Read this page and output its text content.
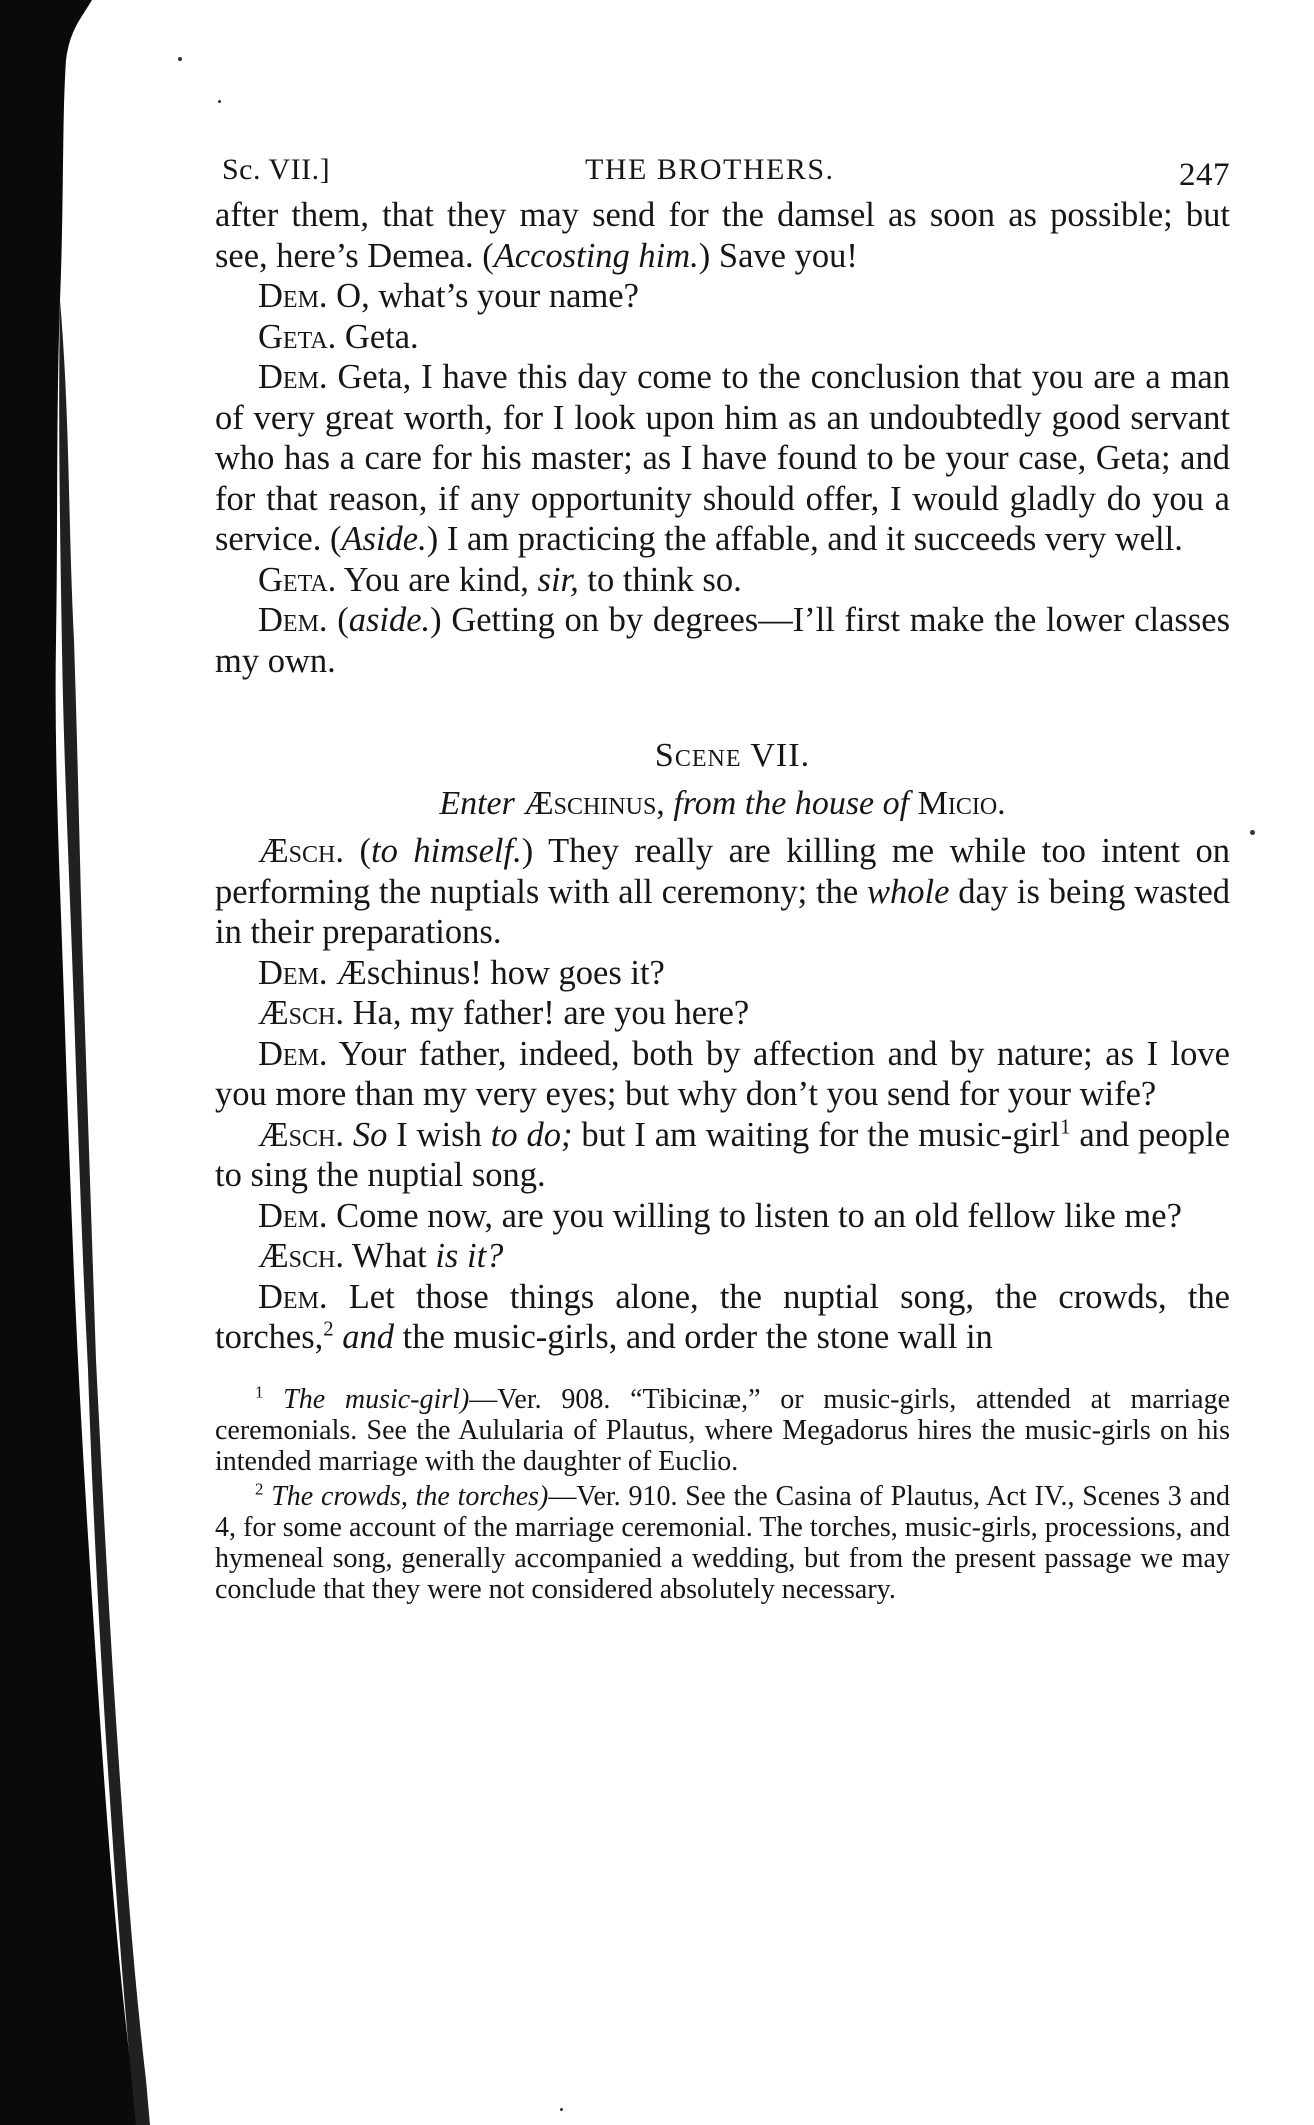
Sc. VII.]	THE BROTHERS.	247

after them, that they may send for the damsel as soon as possible; but see, here’s Demea. (Accosting him.) Save you!

Dem. O, what’s your name?

Geta. Geta.

Dem. Geta, I have this day come to the conclusion that you are a man of very great worth, for I look upon him as an undoubtedly good servant who has a care for his master; as I have found to be your case, Geta; and for that reason, if any opportunity should offer, I would gladly do you a service. (Aside.) I am practicing the affable, and it succeeds very well.

Geta. You are kind, sir, to think so.

Dem. (aside.) Getting on by degrees—I’ll first make the lower classes my own.

Scene VII.
Enter Æschinus, from the house of Micio.

Æsch. (to himself.) They really are killing me while too intent on performing the nuptials with all ceremony; the whole day is being wasted in their preparations.

Dem. Æschinus! how goes it?

Æsch. Ha, my father! are you here?

Dem. Your father, indeed, both by affection and by nature; as I love you more than my very eyes; but why don’t you send for your wife?

Æsch. So I wish to do; but I am waiting for the music-girl$^1$ and people to sing the nuptial song.

Dem. Come now, are you willing to listen to an old fellow like me?

Æsch. What is it?

Dem. Let those things alone, the nuptial song, the crowds, the torches,$^2$ and the music-girls, and order the stone wall in

$^1$ The music-girl)—Ver. 908. “Tibicinæ,” or music-girls, attended at marriage ceremonials. See the Aulularia of Plautus, where Megadorus hires the music-girls on his intended marriage with the daughter of Euclio.

$^2$ The crowds, the torches)—Ver. 910. See the Casina of Plautus, Act IV., Scenes 3 and 4, for some account of the marriage ceremonial. The torches, music-girls, processions, and hymeneal song, generally accompanied a wedding, but from the present passage we may conclude that they were not considered absolutely necessary.
